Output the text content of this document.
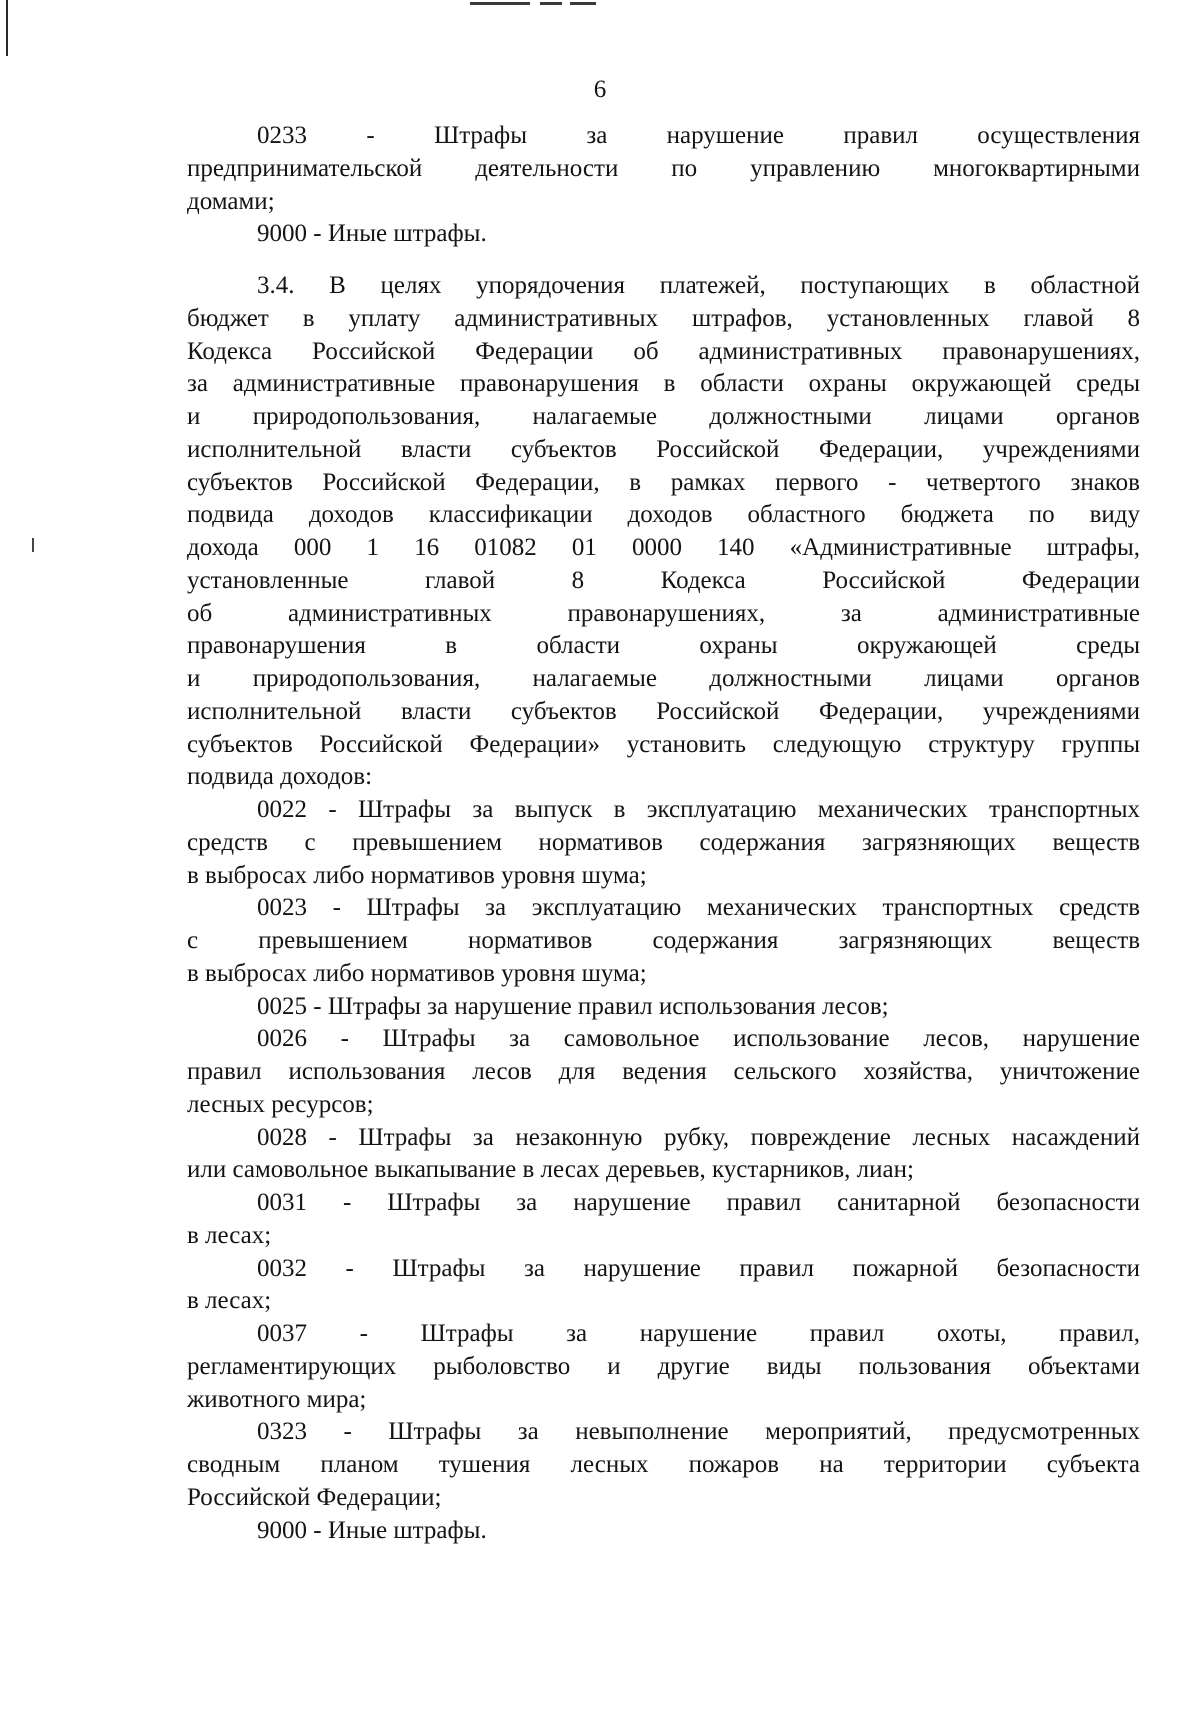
6
0233 - Штрафы за нарушение правил осуществления
предпринимательской деятельности по управлению многоквартирными
домами;
9000 - Иные штрафы.
3.4. В целях упорядочения платежей, поступающих в областной
бюджет в уплату административных штрафов, установленных главой 8
Кодекса Российской Федерации об административных правонарушениях,
за административные правонарушения в области охраны окружающей среды
и природопользования, налагаемые должностными лицами органов
исполнительной власти субъектов Российской Федерации, учреждениями
субъектов Российской Федерации, в рамках первого - четвертого знаков
подвида доходов классификации доходов областного бюджета по виду
дохода 000 1 16 01082 01 0000 140 «Административные штрафы,
установленные главой 8 Кодекса Российской Федерации
об административных правонарушениях, за административные
правонарушения в области охраны окружающей среды
и природопользования, налагаемые должностными лицами органов
исполнительной власти субъектов Российской Федерации, учреждениями
субъектов Российской Федерации» установить следующую структуру группы
подвида доходов:
0022 - Штрафы за выпуск в эксплуатацию механических транспортных
средств с превышением нормативов содержания загрязняющих веществ
в выбросах либо нормативов уровня шума;
0023 - Штрафы за эксплуатацию механических транспортных средств
с превышением нормативов содержания загрязняющих веществ
в выбросах либо нормативов уровня шума;
0025 - Штрафы за нарушение правил использования лесов;
0026 - Штрафы за самовольное использование лесов, нарушение
правил использования лесов для ведения сельского хозяйства, уничтожение
лесных ресурсов;
0028 - Штрафы за незаконную рубку, повреждение лесных насаждений
или самовольное выкапывание в лесах деревьев, кустарников, лиан;
0031 - Штрафы за нарушение правил санитарной безопасности
в лесах;
0032 - Штрафы за нарушение правил пожарной безопасности
в лесах;
0037 - Штрафы за нарушение правил охоты, правил,
регламентирующих рыболовство и другие виды пользования объектами
животного мира;
0323 - Штрафы за невыполнение мероприятий, предусмотренных
сводным планом тушения лесных пожаров на территории субъекта
Российской Федерации;
9000 - Иные штрафы.
